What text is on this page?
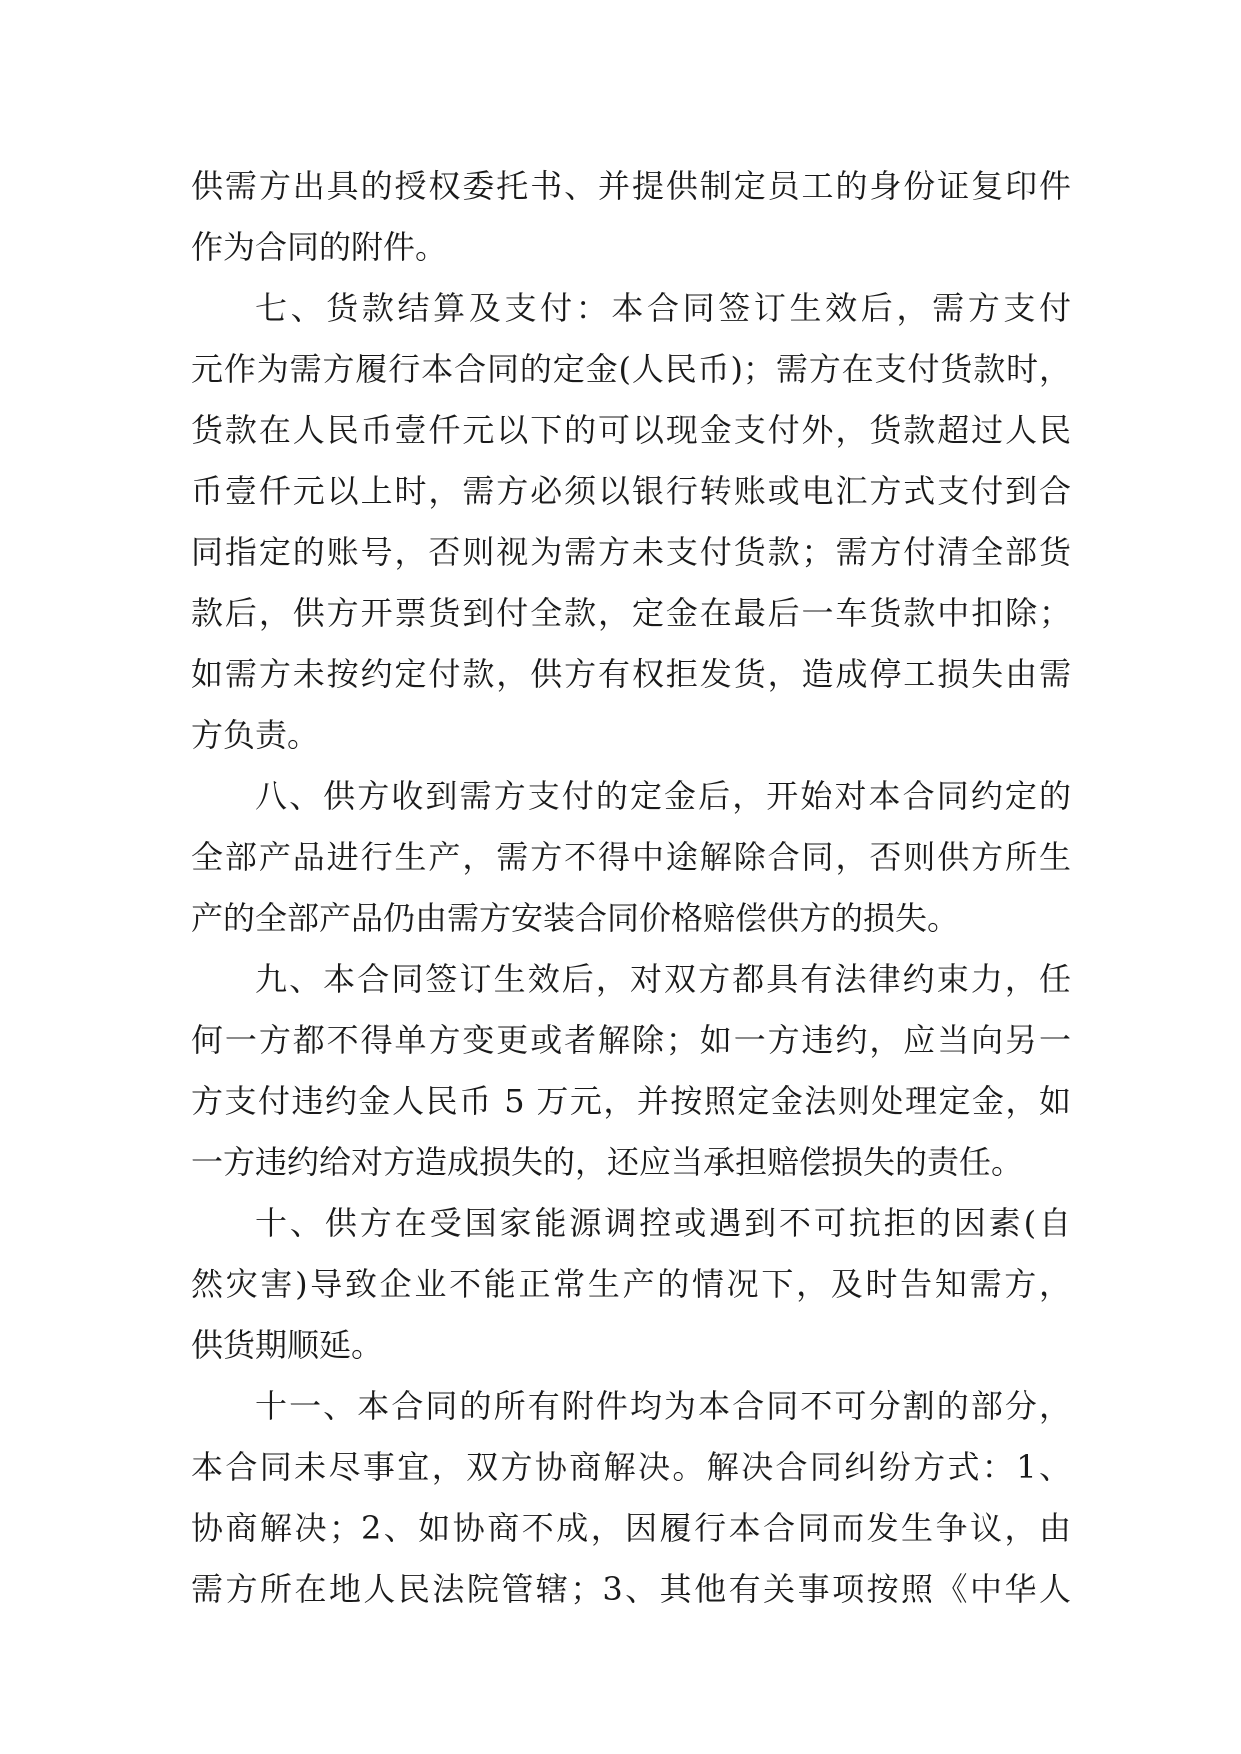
供需方出具的授权委托书、并提供制定员工的身份证复印件
作为合同的附件。
七、货款结算及支付：本合同签订生效后，需方支付
元作为需方履行本合同的定金(人民币)；需方在支付货款时，
货款在人民币壹仟元以下的可以现金支付外，货款超过人民
币壹仟元以上时，需方必须以银行转账或电汇方式支付到合
同指定的账号，否则视为需方未支付货款；需方付清全部货
款后，供方开票货到付全款，定金在最后一车货款中扣除；
如需方未按约定付款，供方有权拒发货，造成停工损失由需
方负责。
八、供方收到需方支付的定金后，开始对本合同约定的
全部产品进行生产，需方不得中途解除合同，否则供方所生
产的全部产品仍由需方安装合同价格赔偿供方的损失。
九、本合同签订生效后，对双方都具有法律约束力，任
何一方都不得单方变更或者解除；如一方违约，应当向另一
方支付违约金人民币 5 万元，并按照定金法则处理定金，如
一方违约给对方造成损失的，还应当承担赔偿损失的责任。
十、供方在受国家能源调控或遇到不可抗拒的因素(自
然灾害)导致企业不能正常生产的情况下，及时告知需方，
供货期顺延。
十一、本合同的所有附件均为本合同不可分割的部分，
本合同未尽事宜，双方协商解决。解决合同纠纷方式：1、
协商解决；2、如协商不成，因履行本合同而发生争议，由
需方所在地人民法院管辖；3、其他有关事项按照《中华人
